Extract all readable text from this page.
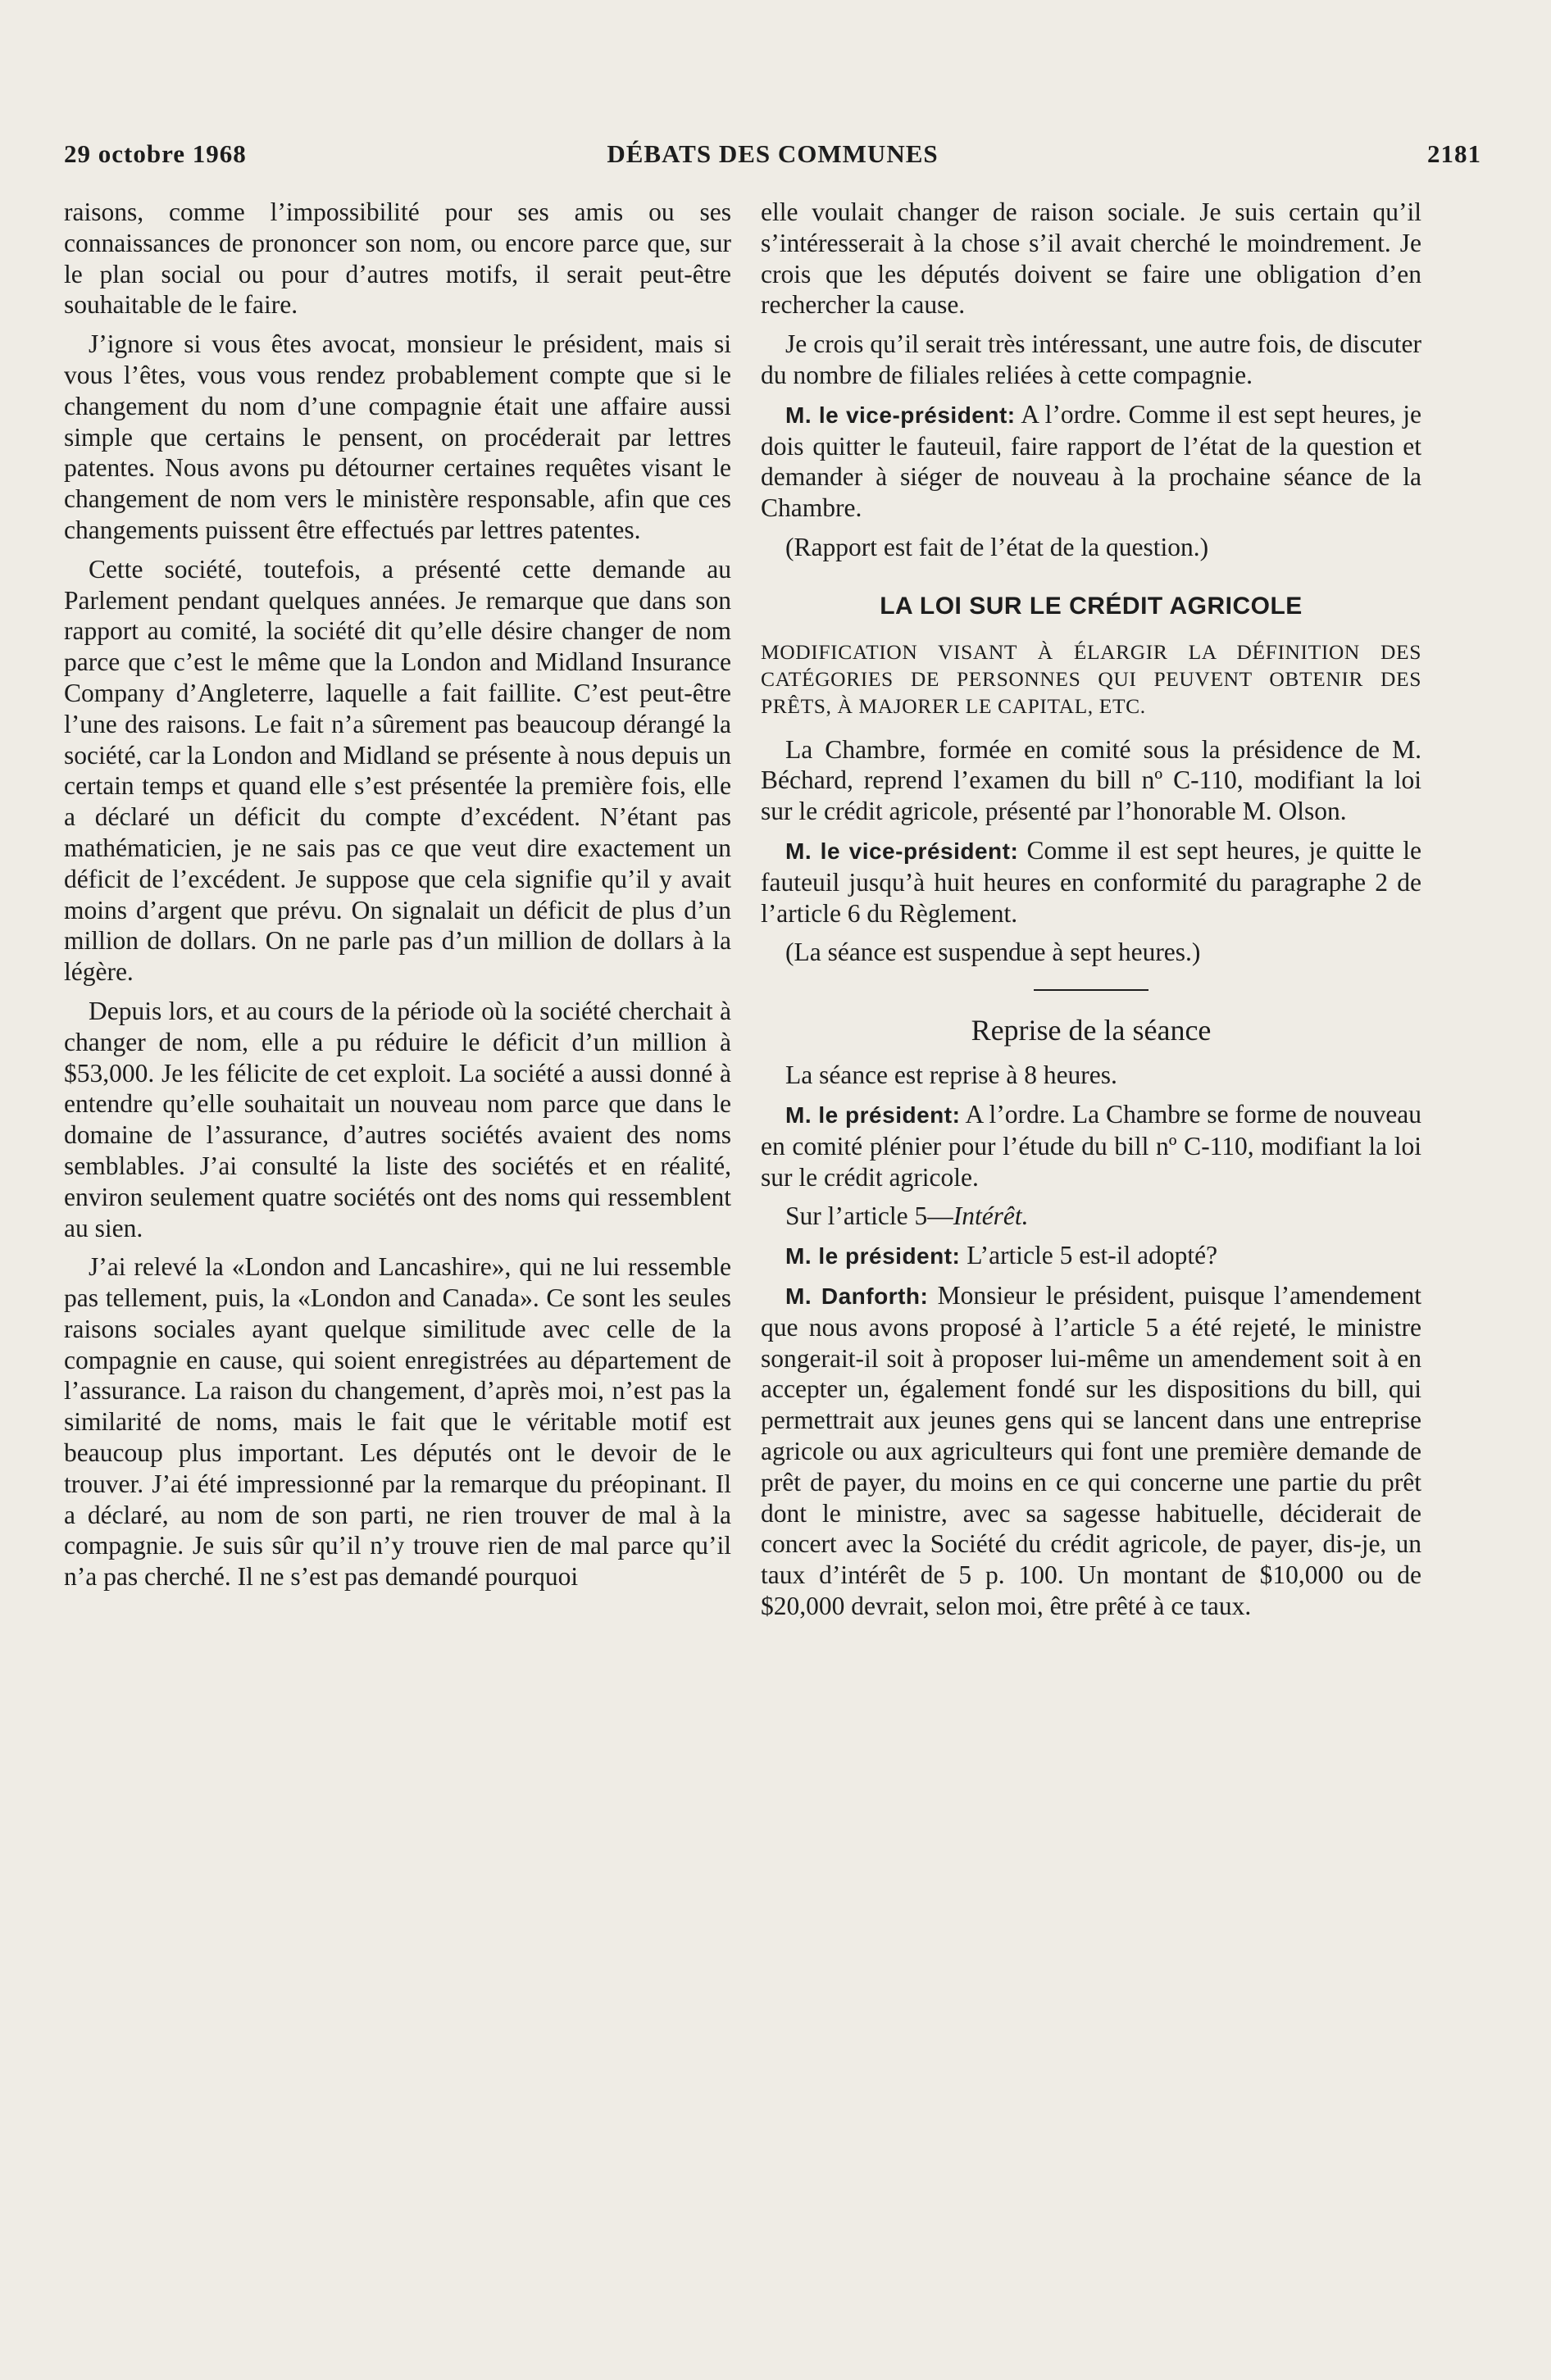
29 octobre 1968	DÉBATS DES COMMUNES	2181

raisons, comme l’impossibilité pour ses amis ou ses connaissances de prononcer son nom, ou encore parce que, sur le plan social ou pour d’autres motifs, il serait peut-être souhaitable de le faire.

J’ignore si vous êtes avocat, monsieur le président, mais si vous l’êtes, vous vous rendez probablement compte que si le changement du nom d’une compagnie était une affaire aussi simple que certains le pensent, on procéderait par lettres patentes. Nous avons pu détourner certaines requêtes visant le changement de nom vers le ministère responsable, afin que ces changements puissent être effectués par lettres patentes.

Cette société, toutefois, a présenté cette demande au Parlement pendant quelques années. Je remarque que dans son rapport au comité, la société dit qu’elle désire changer de nom parce que c’est le même que la London and Midland Insurance Company d’Angleterre, laquelle a fait faillite. C’est peut-être l’une des raisons. Le fait n’a sûrement pas beaucoup dérangé la société, car la London and Midland se présente à nous depuis un certain temps et quand elle s’est présentée la première fois, elle a déclaré un déficit du compte d’excédent. N’étant pas mathématicien, je ne sais pas ce que veut dire exactement un déficit de l’excédent. Je suppose que cela signifie qu’il y avait moins d’argent que prévu. On signalait un déficit de plus d’un million de dollars. On ne parle pas d’un million de dollars à la légère.

Depuis lors, et au cours de la période où la société cherchait à changer de nom, elle a pu réduire le déficit d’un million à $53,000. Je les félicite de cet exploit. La société a aussi donné à entendre qu’elle souhaitait un nouveau nom parce que dans le domaine de l’assurance, d’autres sociétés avaient des noms semblables. J’ai consulté la liste des sociétés et en réalité, environ seulement quatre sociétés ont des noms qui ressemblent au sien.

J’ai relevé la «London and Lancashire», qui ne lui ressemble pas tellement, puis, la «London and Canada». Ce sont les seules raisons sociales ayant quelque similitude avec celle de la compagnie en cause, qui soient enregistrées au département de l’assurance. La raison du changement, d’après moi, n’est pas la similarité de noms, mais le fait que le véritable motif est beaucoup plus important. Les députés ont le devoir de le trouver. J’ai été impressionné par la remarque du préopinant. Il a déclaré, au nom de son parti, ne rien trouver de mal à la compagnie. Je suis sûr qu’il n’y trouve rien de mal parce qu’il n’a pas cherché. Il ne s’est pas demandé pourquoi

elle voulait changer de raison sociale. Je suis certain qu’il s’intéresserait à la chose s’il avait cherché le moindrement. Je crois que les députés doivent se faire une obligation d’en rechercher la cause.

Je crois qu’il serait très intéressant, une autre fois, de discuter du nombre de filiales reliées à cette compagnie.

M. le vice-président: A l’ordre. Comme il est sept heures, je dois quitter le fauteuil, faire rapport de l’état de la question et demander à siéger de nouveau à la prochaine séance de la Chambre.

(Rapport est fait de l’état de la question.)

LA LOI SUR LE CRÉDIT AGRICOLE
MODIFICATION VISANT À ÉLARGIR LA DÉFINITION DES CATÉGORIES DE PERSONNES QUI PEUVENT OBTENIR DES PRÊTS, À MAJORER LE CAPITAL, ETC.

La Chambre, formée en comité sous la présidence de M. Béchard, reprend l’examen du bill nº C-110, modifiant la loi sur le crédit agricole, présenté par l’honorable M. Olson.

M. le vice-président: Comme il est sept heures, je quitte le fauteuil jusqu’à huit heures en conformité du paragraphe 2 de l’article 6 du Règlement.

(La séance est suspendue à sept heures.)

Reprise de la séance

La séance est reprise à 8 heures.

M. le président: A l’ordre. La Chambre se forme de nouveau en comité plénier pour l’étude du bill nº C-110, modifiant la loi sur le crédit agricole.

Sur l’article 5—Intérêt.

M. le président: L’article 5 est-il adopté?

M. Danforth: Monsieur le président, puisque l’amendement que nous avons proposé à l’article 5 a été rejeté, le ministre songerait-il soit à proposer lui-même un amendement soit à en accepter un, également fondé sur les dispositions du bill, qui permettrait aux jeunes gens qui se lancent dans une entreprise agricole ou aux agriculteurs qui font une première demande de prêt de payer, du moins en ce qui concerne une partie du prêt dont le ministre, avec sa sagesse habituelle, déciderait de concert avec la Société du crédit agricole, de payer, dis-je, un taux d’intérêt de 5 p. 100. Un montant de $10,000 ou de $20,000 devrait, selon moi, être prêté à ce taux.
